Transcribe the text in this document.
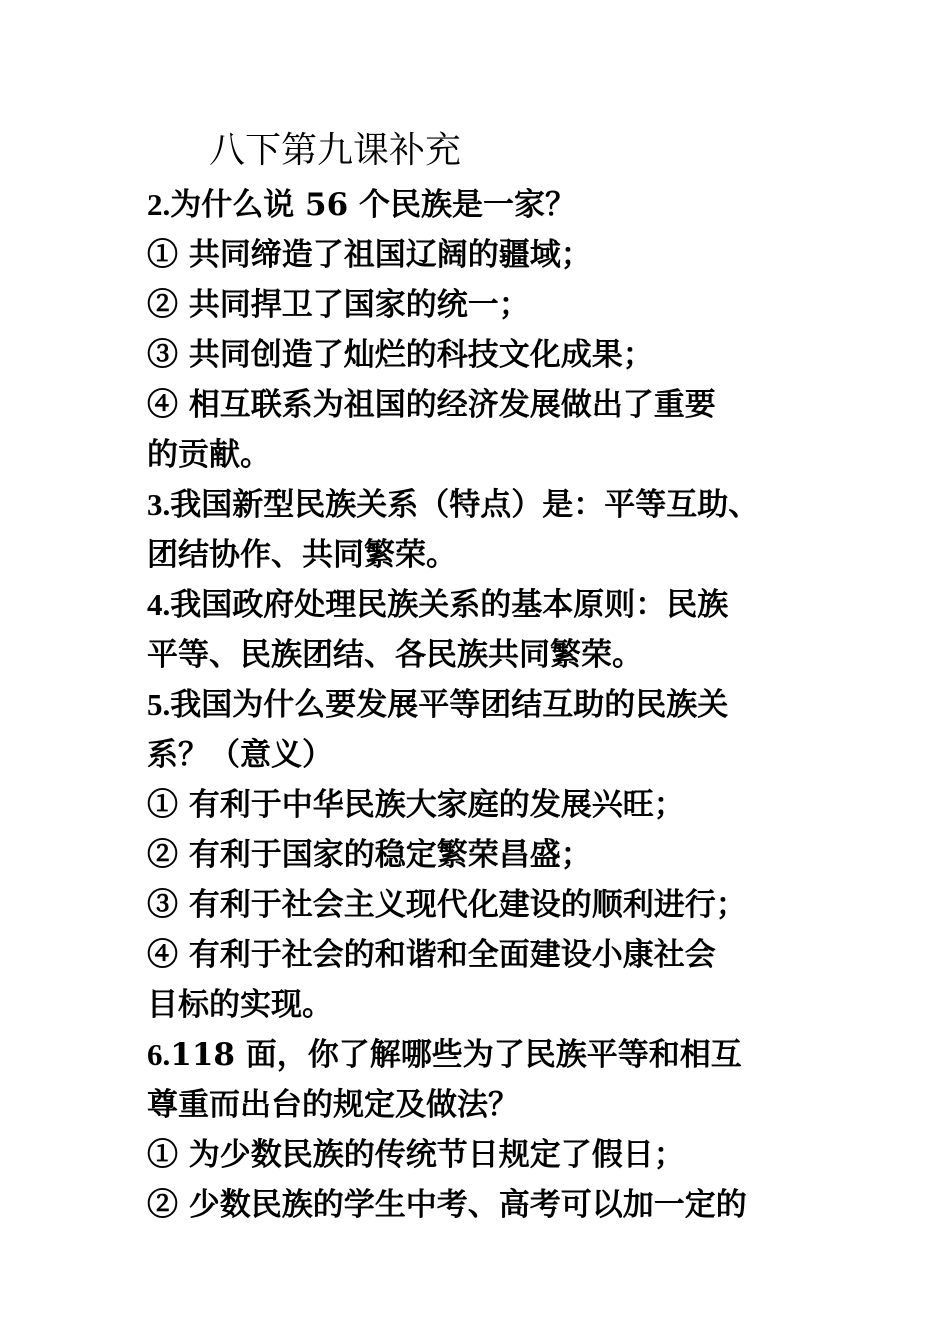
八下第九课补充

2.为什么说 56 个民族是一家？

① 共同缔造了祖国辽阔的疆域；

② 共同捍卫了国家的统一；

③ 共同创造了灿烂的科技文化成果；

④ 相互联系为祖国的经济发展做出了重要

的贡献。

3.我国新型民族关系（特点）是：平等互助、

团结协作、共同繁荣。

4.我国政府处理民族关系的基本原则：民族

平等、民族团结、各民族共同繁荣。

5.我国为什么要发展平等团结互助的民族关

系？（意义）

① 有利于中华民族大家庭的发展兴旺；

② 有利于国家的稳定繁荣昌盛；

③ 有利于社会主义现代化建设的顺利进行；

④ 有利于社会的和谐和全面建设小康社会

目标的实现。

6.118 面，你了解哪些为了民族平等和相互

尊重而出台的规定及做法？

① 为少数民族的传统节日规定了假日；

② 少数民族的学生中考、高考可以加一定的
